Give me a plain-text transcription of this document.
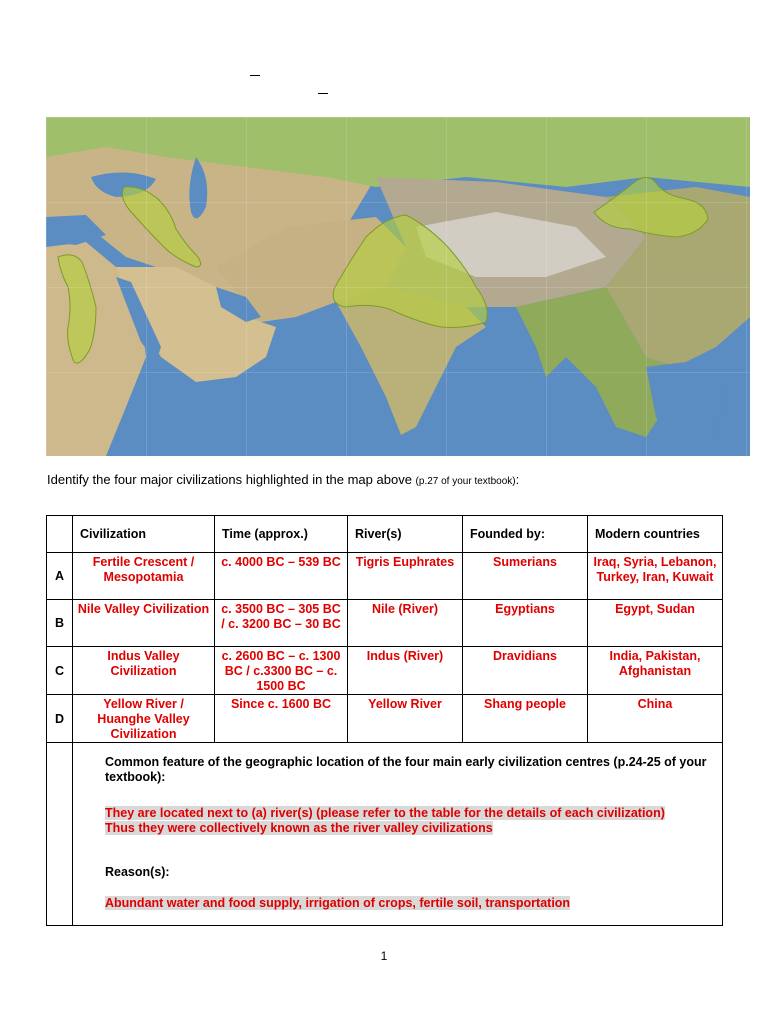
Identify the four major civilizations highlighted in the map above (p.27 of your textbook):
	Civilization	Time (approx.)	River(s)	Founded by:	Modern countries
A	Fertile Crescent / Mesopotamia	c. 4000 BC – 539 BC	Tigris Euphrates	Sumerians	Iraq, Syria, Lebanon, Turkey, Iran, Kuwait
B	Nile Valley Civilization	c. 3500 BC – 305 BC / c. 3200 BC – 30 BC	Nile (River)	Egyptians	Egypt, Sudan
C	Indus Valley Civilization	c. 2600 BC – c. 1300 BC / c.3300 BC – c. 1500 BC	Indus (River)	Dravidians	India, Pakistan, Afghanistan
D	Yellow River / Huanghe Valley Civilization	Since c. 1600 BC	Yellow River	Shang people	China

	Common feature of the geographic location of the four main early civilization centres (p.24-25 of your textbook):
They are located next to (a) river(s) (please refer to the table for the details of each civilization)
Thus they were collectively known as the river valley civilizations
Reason(s):
Abundant water and food supply, irrigation of crops, fertile soil, transportation				
1
